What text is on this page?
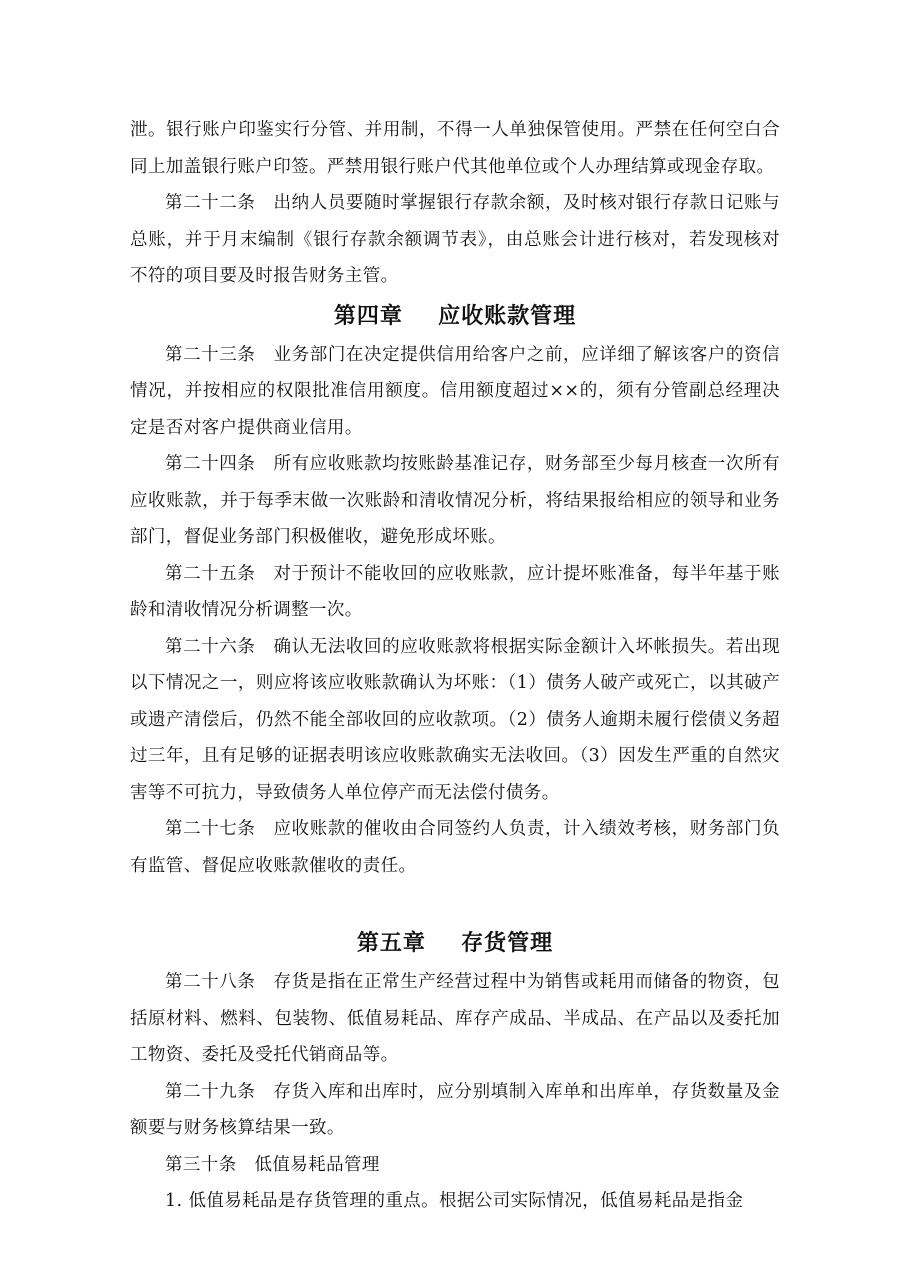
泄。银行账户印鉴实行分管、并用制，不得一人单独保管使用。严禁在任何空白合同上加盖银行账户印签。严禁用银行账户代其他单位或个人办理结算或现金存取。

第二十二条　出纳人员要随时掌握银行存款余额，及时核对银行存款日记账与总账，并于月末编制《银行存款余额调节表》，由总账会计进行核对，若发现核对不符的项目要及时报告财务主管。

第四章 应收账款管理

第二十三条　业务部门在决定提供信用给客户之前，应详细了解该客户的资信情况，并按相应的权限批准信用额度。信用额度超过××的，须有分管副总经理决定是否对客户提供商业信用。

第二十四条　所有应收账款均按账龄基准记存，财务部至少每月核查一次所有应收账款，并于每季末做一次账龄和清收情况分析，将结果报给相应的领导和业务部门，督促业务部门积极催收，避免形成坏账。

第二十五条　对于预计不能收回的应收账款，应计提坏账准备，每半年基于账龄和清收情况分析调整一次。

第二十六条　确认无法收回的应收账款将根据实际金额计入坏帐损失。若出现以下情况之一，则应将该应收账款确认为坏账：（1）债务人破产或死亡，以其破产或遗产清偿后，仍然不能全部收回的应收款项。（2）债务人逾期未履行偿债义务超过三年，且有足够的证据表明该应收账款确实无法收回。（3）因发生严重的自然灾害等不可抗力，导致债务人单位停产而无法偿付债务。

第二十七条　应收账款的催收由合同签约人负责，计入绩效考核，财务部门负有监管、督促应收账款催收的责任。

第五章 存货管理

第二十八条　存货是指在正常生产经营过程中为销售或耗用而储备的物资，包括原材料、燃料、包装物、低值易耗品、库存产成品、半成品、在产品以及委托加工物资、委托及受托代销商品等。

第二十九条　存货入库和出库时，应分别填制入库单和出库单，存货数量及金额要与财务核算结果一致。

第三十条　低值易耗品管理

1. 低值易耗品是存货管理的重点。根据公司实际情况，低值易耗品是指金
